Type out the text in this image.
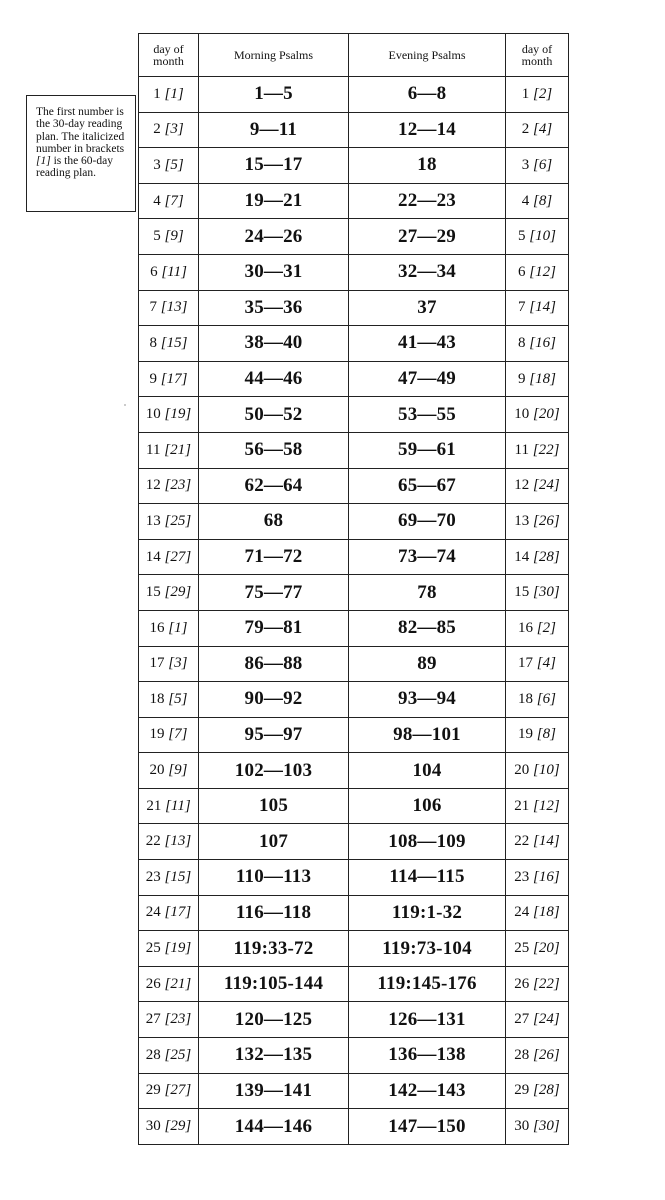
The first number is the 30-day reading plan. The italicized number in brackets [1] is the 60-day reading plan.
day of month	Morning Psalms	Evening Psalms	day of month
1 [1]	1—5	6—8	1 [2]
2 [3]	9—11	12—14	2 [4]
3 [5]	15—17	18	3 [6]
4 [7]	19—21	22—23	4 [8]
5 [9]	24—26	27—29	5 [10]
6 [11]	30—31	32—34	6 [12]
7 [13]	35—36	37	7 [14]
8 [15]	38—40	41—43	8 [16]
9 [17]	44—46	47—49	9 [18]
10 [19]	50—52	53—55	10 [20]
11 [21]	56—58	59—61	11 [22]
12 [23]	62—64	65—67	12 [24]
13 [25]	68	69—70	13 [26]
14 [27]	71—72	73—74	14 [28]
15 [29]	75—77	78	15 [30]
16 [1]	79—81	82—85	16 [2]
17 [3]	86—88	89	17 [4]
18 [5]	90—92	93—94	18 [6]
19 [7]	95—97	98—101	19 [8]
20 [9]	102—103	104	20 [10]
21 [11]	105	106	21 [12]
22 [13]	107	108—109	22 [14]
23 [15]	110—113	114—115	23 [16]
24 [17]	116—118	119:1-32	24 [18]
25 [19]	119:33-72	119:73-104	25 [20]
26 [21]	119:105-144	119:145-176	26 [22]
27 [23]	120—125	126—131	27 [24]
28 [25]	132—135	136—138	28 [26]
29 [27]	139—141	142—143	29 [28]
30 [29]	144—146	147—150	30 [30]
